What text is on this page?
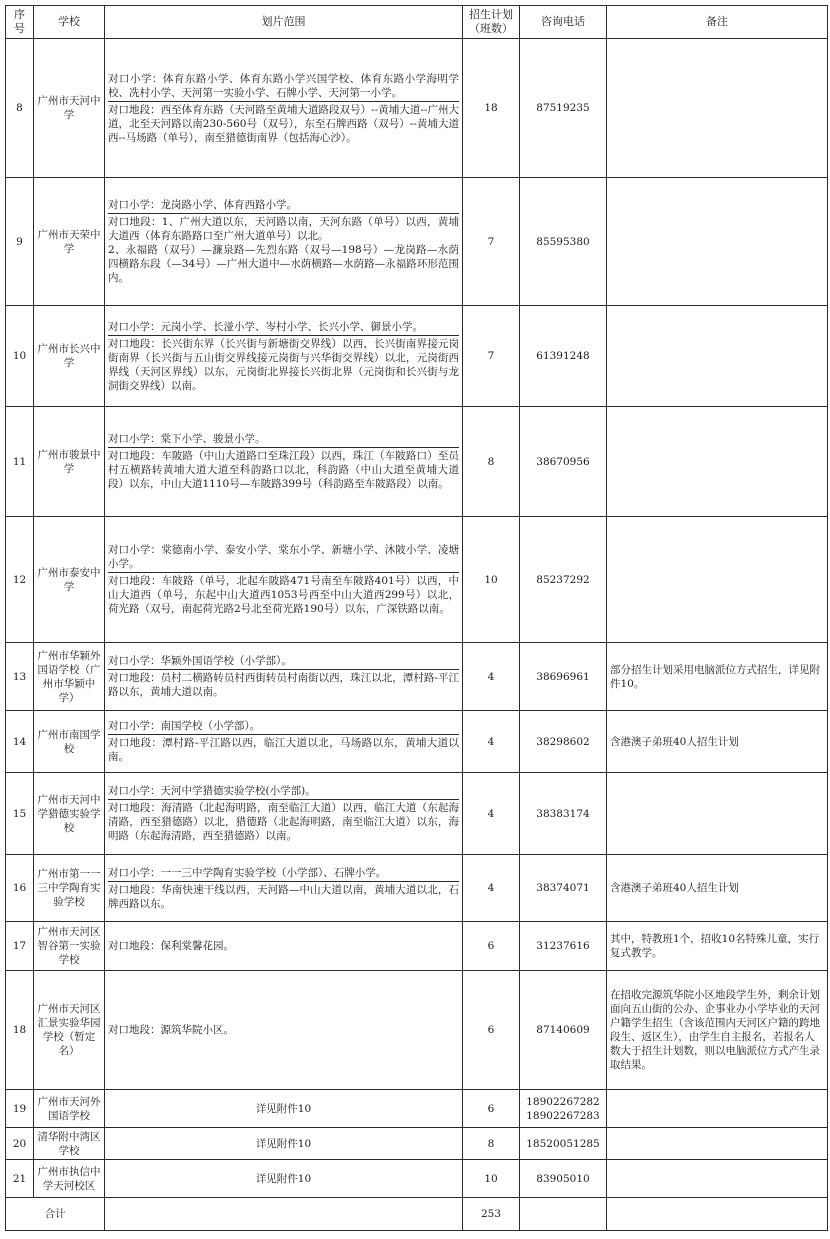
序号	学校	划片范围	招生计划（班数）	咨询电话	备注

8	广州市天河中学	对口小学：体育东路小学、体育东路小学兴国学校、体育东路小学海明学校、冼村小学、天河第一实验小学、石牌小学、天河第一小学。
对口地段：西至体育东路（天河路至黄埔大道路段双号）--黄埔大道--广州大道，北至天河路以南230-560号（双号），东至石牌西路（双号）--黄埔大道西--马场路（单号），南至猎德街南界（包括海心沙）。	18	87519235	

9	广州市天荣中学	对口小学：龙岗路小学、体育西路小学。
对口地段：1、广州大道以东，天河路以南，天河东路（单号）以西，黄埔大道西（体育东路路口至广州大道单号）以北。
2、永福路（双号）—濂泉路—先烈东路（双号—198号）—龙岗路—水荫四横路东段（—34号）—广州大道中—水荫横路—水荫路—永福路环形范围内。	7	85595380	

10	广州市长兴中学	对口小学：元岗小学、长湴小学、岑村小学、长兴小学、御景小学。
对口地段：长兴街东界（长兴街与新塘街交界线）以西，长兴街南界接元岗街南界（长兴街与五山街交界线接元岗街与兴华街交界线）以北，元岗街西界线（天河区界线）以东，元岗街北界接长兴街北界（元岗街和长兴街与龙洞街交界线）以南。	7	61391248	

11	广州市骏景中学	对口小学：棠下小学、骏景小学。
对口地段：车陂路（中山大道路口至珠江段）以西，珠江（车陂路口）至员村五横路转黄埔大道大道至科韵路口以北，科韵路（中山大道至黄埔大道段）以东，中山大道1110号—车陂路399号（科韵路至车陂路段）以南。	8	38670956	

12	广州市泰安中学	对口小学：棠德南小学、泰安小学、棠东小学、新塘小学、沐陂小学、凌塘小学。
对口地段：车陂路（单号，北起车陂路471号南至车陂路401号）以西，中山大道西（单号，东起中山大道西1053号西至中山大道西299号）以北，荷光路（双号，南起荷光路2号北至荷光路190号）以东，广深铁路以南。	10	85237292	

13	广州市华颖外国语学校（广州市华颖中学）	对口小学：华颖外国语学校（小学部）。
对口地段：员村二横路转员村西街转员村南街以西，珠江以北，潭村路-平江路以东，黄埔大道以南。	4	38696961	部分招生计划采用电脑派位方式招生，详见附件10。

14	广州市南国学校	对口小学：南国学校（小学部）。
对口地段：潭村路-平江路以西，临江大道以北，马场路以东，黄埔大道以南。	4	38298602	含港澳子弟班40人招生计划

15	广州市天河中学猎德实验学校	对口小学：天河中学猎德实验学校(小学部)。
对口地段：海清路（北起海明路，南至临江大道）以西，临江大道（东起海清路，西至猎德路）以北，猎德路（北起海明路，南至临江大道）以东，海明路（东起海清路，西至猎德路）以南。	4	38383174	

16	广州市第一一三中学陶育实验学校	对口小学：一一三中学陶育实验学校（小学部）、石牌小学。
对口地段：华南快速干线以西，天河路—中山大道以南，黄埔大道以北，石牌西路以东。	4	38374071	含港澳子弟班40人招生计划

17	广州市天河区智谷第一实验学校	对口地段：保利棠馨花园。	6	31237616	其中，特教班1个，招收10名特殊儿童，实行复式教学。

18	广州市天河区汇景实验华园学校（暂定名）	对口地段：源筑华院小区。	6	87140609	在招收完源筑华院小区地段学生外，剩余计划面向五山街的公办、企事业办小学毕业的天河户籍学生招生（含该范围内天河区户籍的跨地段生、返区生），由学生自主报名，若报名人数大于招生计划数，则以电脑派位方式产生录取结果。

19	广州市天河外国语学校	详见附件10	6	18902267282
18902267283	

20	清华附中湾区学校	详见附件10	8	18520051285	

21	广州市执信中学天河校区	详见附件10	10	83905010	

合计			253		
